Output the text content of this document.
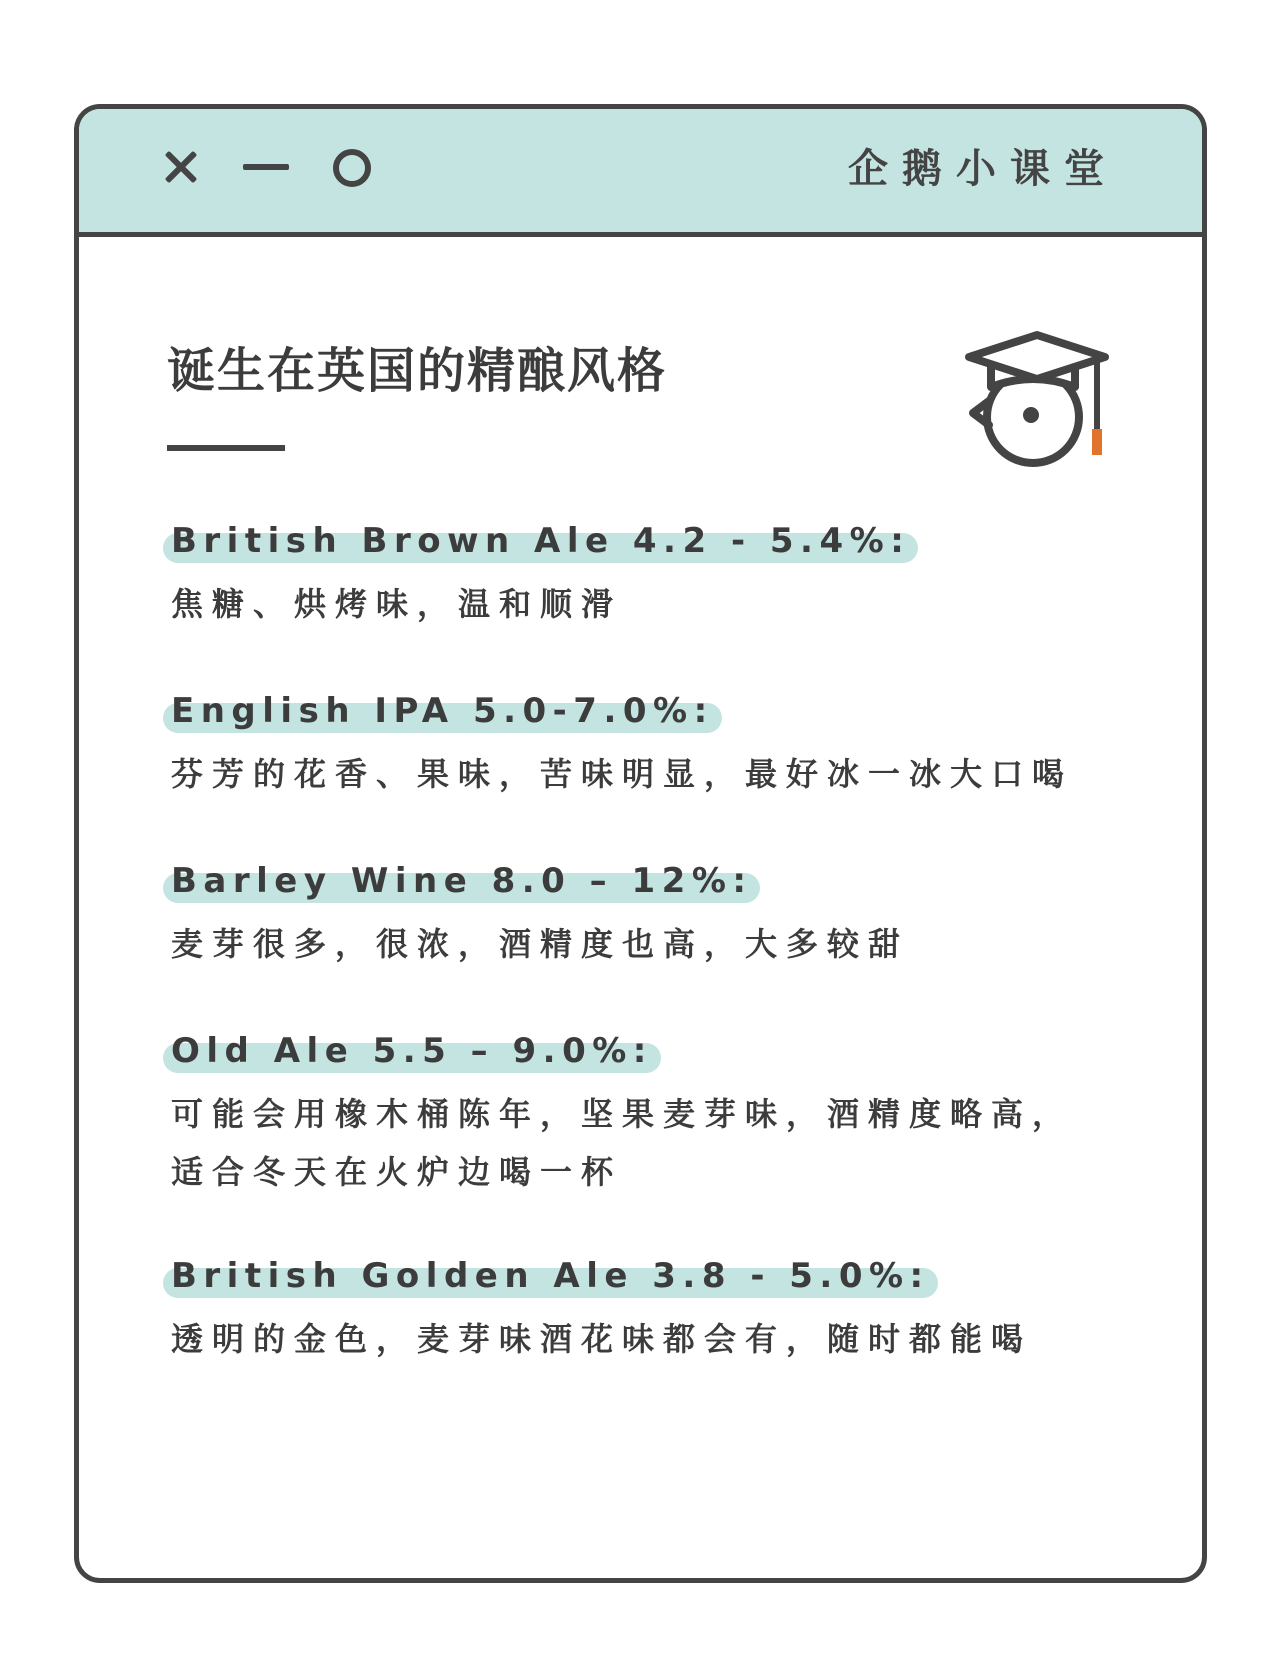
企鹅小课堂
诞生在英国的精酿风格
British Brown Ale 4.2 - 5.4%:
焦糖、烘烤味，温和顺滑
English IPA 5.0-7.0%:
芬芳的花香、果味，苦味明显，最好冰一冰大口喝
Barley Wine 8.0 – 12%:
麦芽很多，很浓，酒精度也高，大多较甜
Old Ale 5.5 – 9.0%:
可能会用橡木桶陈年，坚果麦芽味，酒精度略高，
适合冬天在火炉边喝一杯
British Golden Ale 3.8 - 5.0%:
透明的金色，麦芽味酒花味都会有，随时都能喝
